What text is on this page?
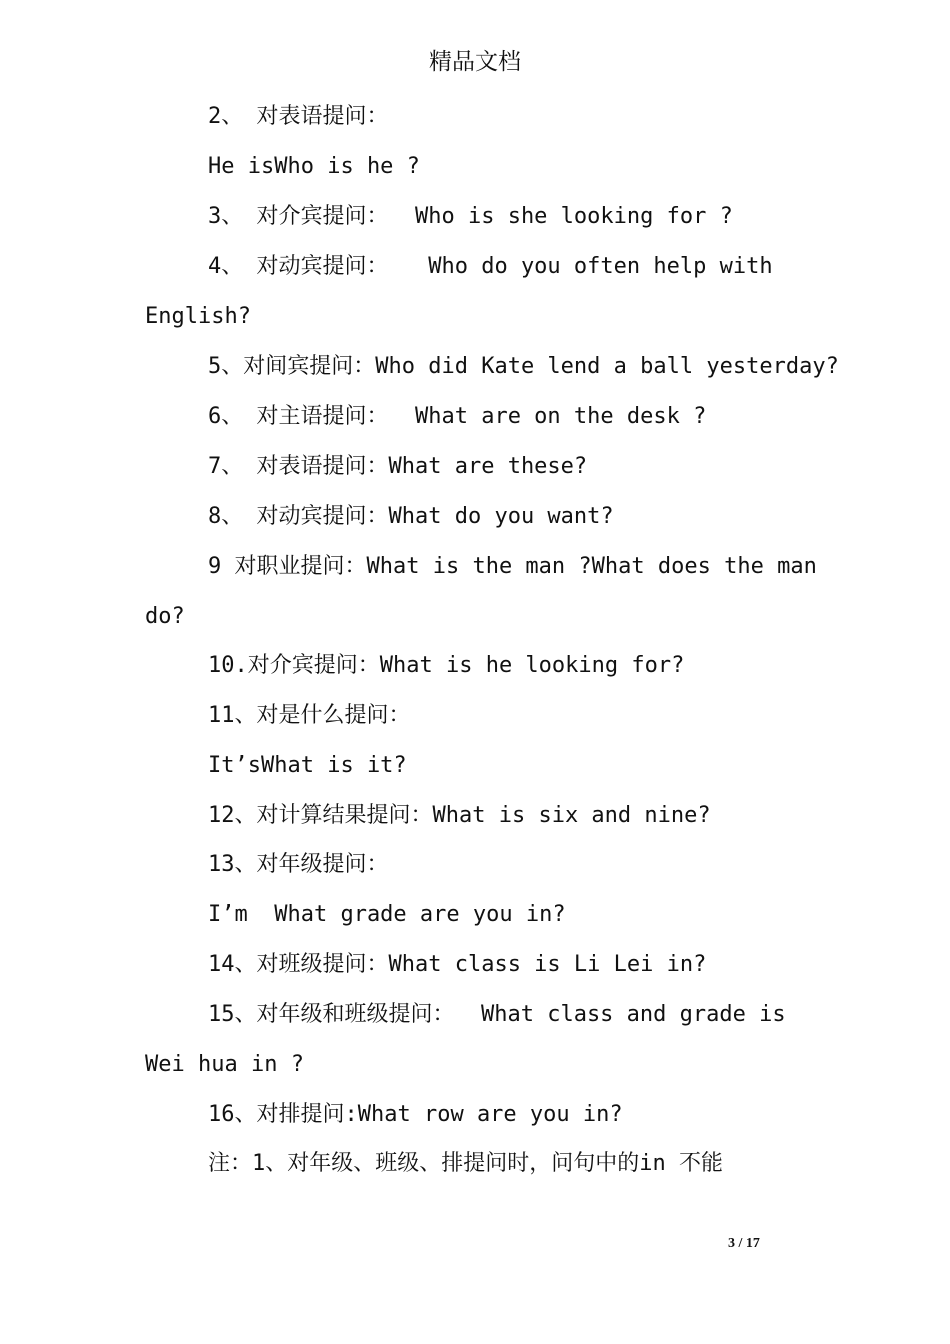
精品文档
2、 对表语提问：
He isWho is he ?
3、 对介宾提问：  Who is she looking for ?
4、 对动宾提问：   Who do you often help with
English?
5、对间宾提问：Who did Kate lend a ball yesterday?
6、 对主语提问：  What are on the desk ?
7、 对表语提问：What are these?
8、 对动宾提问：What do you want?
9 对职业提问：What is the man ?What does the man
do?
10.对介宾提问：What is he looking for?
11、对是什么提问：
It’sWhat is it?
12、对计算结果提问：What is six and nine?
13、对年级提问：
I’m  What grade are you in?
14、对班级提问：What class is Li Lei in?
15、对年级和班级提问：  What class and grade is
Wei hua in ?
16、对排提问:What row are you in?
注：1、对年级、班级、排提问时，问句中的in 不能
3 / 17
